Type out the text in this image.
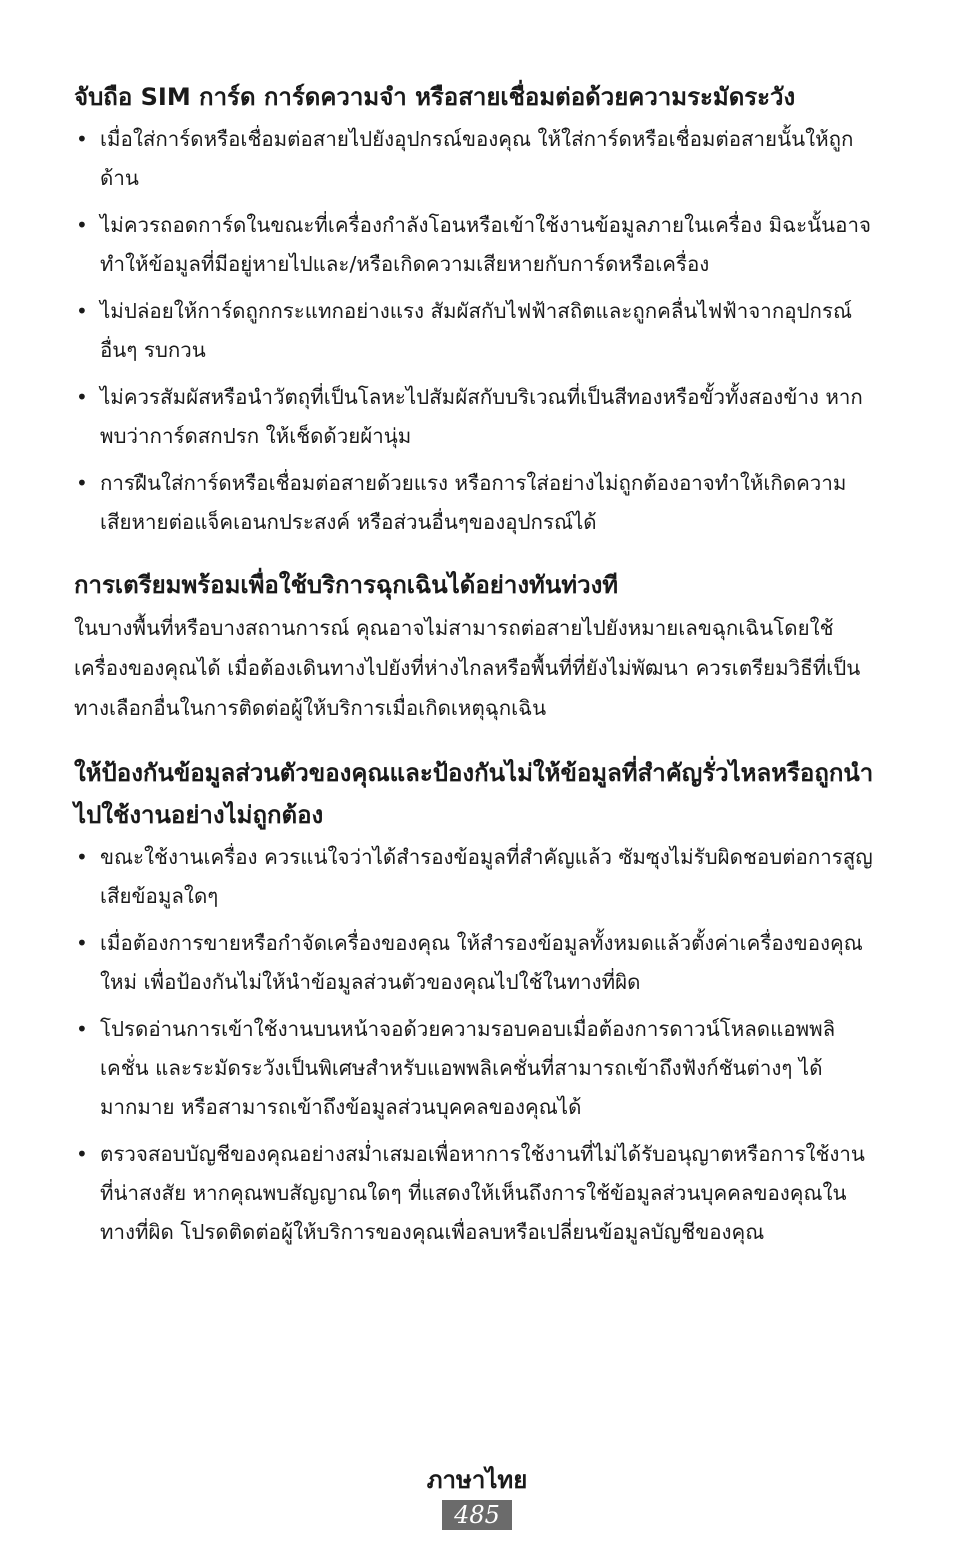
จับถือ SIM การ์ด การ์ดความจำ หรือสายเชื่อมต่อด้วยความระมัดระวัง
• เมื่อใส่การ์ดหรือเชื่อมต่อสายไปยังอุปกรณ์ของคุณ ให้ใส่การ์ดหรือเชื่อมต่อสายนั้นให้ถูกด้าน
• ไม่ควรถอดการ์ดในขณะที่เครื่องกำลังโอนหรือเข้าใช้งานข้อมูลภายในเครื่อง มิฉะนั้นอาจทำให้ข้อมูลที่มีอยู่หายไปและ/หรือเกิดความเสียหายกับการ์ดหรือเครื่อง
• ไม่ปล่อยให้การ์ดถูกกระแทกอย่างแรง สัมผัสกับไฟฟ้าสถิตและถูกคลื่นไฟฟ้าจากอุปกรณ์อื่นๆ รบกวน
• ไม่ควรสัมผัสหรือนำวัตถุที่เป็นโลหะไปสัมผัสกับบริเวณที่เป็นสีทองหรือขั้วทั้งสองข้าง หากพบว่าการ์ดสกปรก ให้เช็ดด้วยผ้านุ่ม
• การฝืนใส่การ์ดหรือเชื่อมต่อสายด้วยแรง หรือการใส่อย่างไม่ถูกต้องอาจทำให้เกิดความเสียหายต่อแจ็คเอนกประสงค์ หรือส่วนอื่นๆของอุปกรณ์ได้
การเตรียมพร้อมเพื่อใช้บริการฉุกเฉินได้อย่างทันท่วงที

ในบางพื้นที่หรือบางสถานการณ์ คุณอาจไม่สามารถต่อสายไปยังหมายเลขฉุกเฉินโดยใช้เครื่องของคุณได้ เมื่อต้องเดินทางไปยังที่ห่างไกลหรือพื้นที่ที่ยังไม่พัฒนา ควรเตรียมวิธีที่เป็นทางเลือกอื่นในการติดต่อผู้ให้บริการเมื่อเกิดเหตุฉุกเฉิน

ให้ป้องกันข้อมูลส่วนตัวของคุณและป้องกันไม่ให้ข้อมูลที่สำคัญรั่วไหลหรือถูกนำไปใช้งานอย่างไม่ถูกต้อง
• ขณะใช้งานเครื่อง ควรแน่ใจว่าได้สำรองข้อมูลที่สำคัญแล้ว ซัมซุงไม่รับผิดชอบต่อการสูญเสียข้อมูลใดๆ
• เมื่อต้องการขายหรือกำจัดเครื่องของคุณ ให้สำรองข้อมูลทั้งหมดแล้วตั้งค่าเครื่องของคุณใหม่ เพื่อป้องกันไม่ให้นำข้อมูลส่วนตัวของคุณไปใช้ในทางที่ผิด
• โปรดอ่านการเข้าใช้งานบนหน้าจอด้วยความรอบคอบเมื่อต้องการดาวน์โหลดแอพพลิเคชั่น และระมัดระวังเป็นพิเศษสำหรับแอพพลิเคชั่นที่สามารถเข้าถึงฟังก์ชันต่างๆ ได้มากมาย หรือสามารถเข้าถึงข้อมูลส่วนบุคคลของคุณได้
• ตรวจสอบบัญชีของคุณอย่างสม่ำเสมอเพื่อหาการใช้งานที่ไม่ได้รับอนุญาตหรือการใช้งานที่น่าสงสัย หากคุณพบสัญญาณใดๆ ที่แสดงให้เห็นถึงการใช้ข้อมูลส่วนบุคคลของคุณในทางที่ผิด โปรดติดต่อผู้ให้บริการของคุณเพื่อลบหรือเปลี่ยนข้อมูลบัญชีของคุณ
ภาษาไทย
485
